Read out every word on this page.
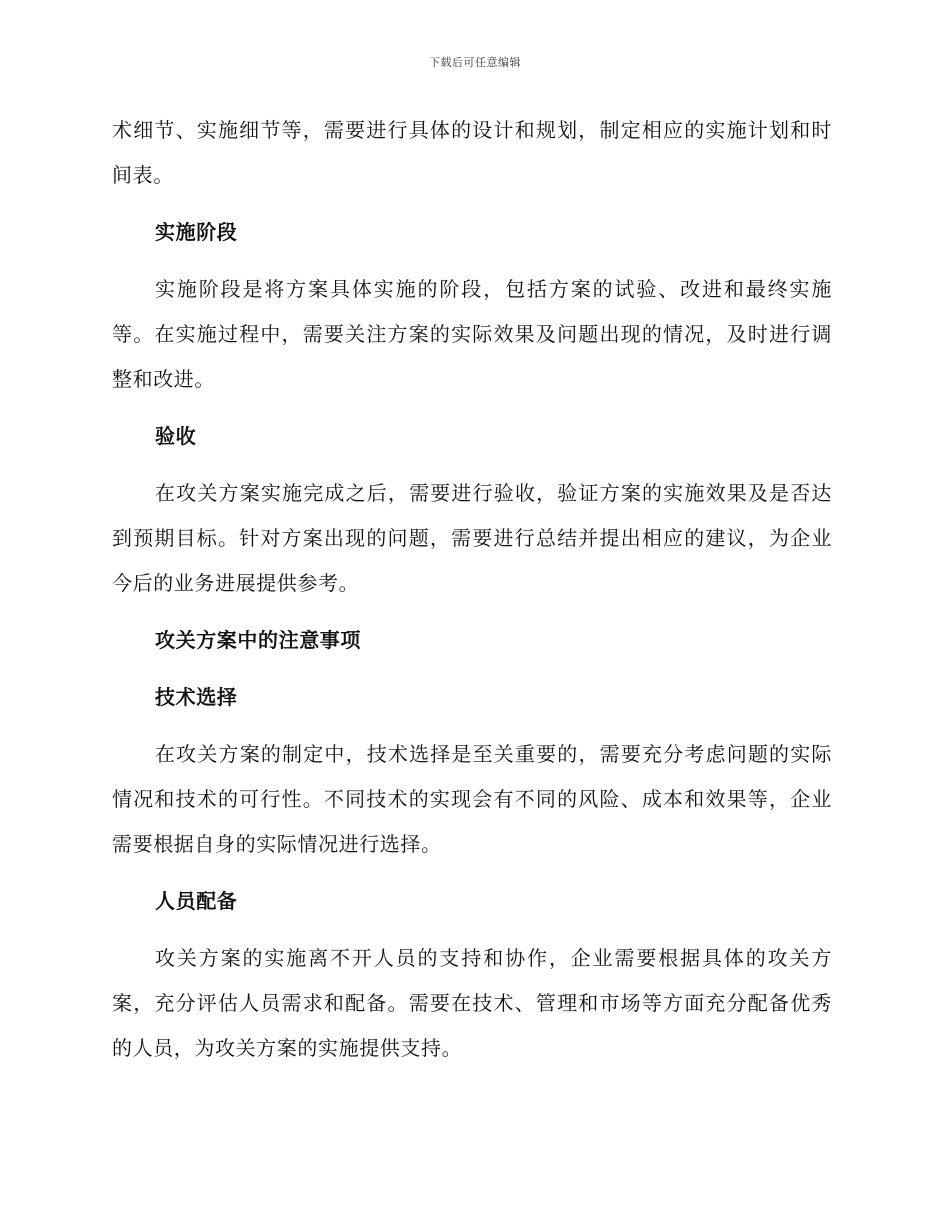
下载后可任意编辑

术细节、实施细节等，需要进行具体的设计和规划，制定相应的实施计划和时间表。

实施阶段

实施阶段是将方案具体实施的阶段，包括方案的试验、改进和最终实施等。在实施过程中，需要关注方案的实际效果及问题出现的情况，及时进行调整和改进。

验收

在攻关方案实施完成之后，需要进行验收，验证方案的实施效果及是否达到预期目标。针对方案出现的问题，需要进行总结并提出相应的建议，为企业今后的业务进展提供参考。

攻关方案中的注意事项
技术选择

在攻关方案的制定中，技术选择是至关重要的，需要充分考虑问题的实际情况和技术的可行性。不同技术的实现会有不同的风险、成本和效果等，企业需要根据自身的实际情况进行选择。

人员配备

攻关方案的实施离不开人员的支持和协作，企业需要根据具体的攻关方案，充分评估人员需求和配备。需要在技术、管理和市场等方面充分配备优秀的人员，为攻关方案的实施提供支持。
